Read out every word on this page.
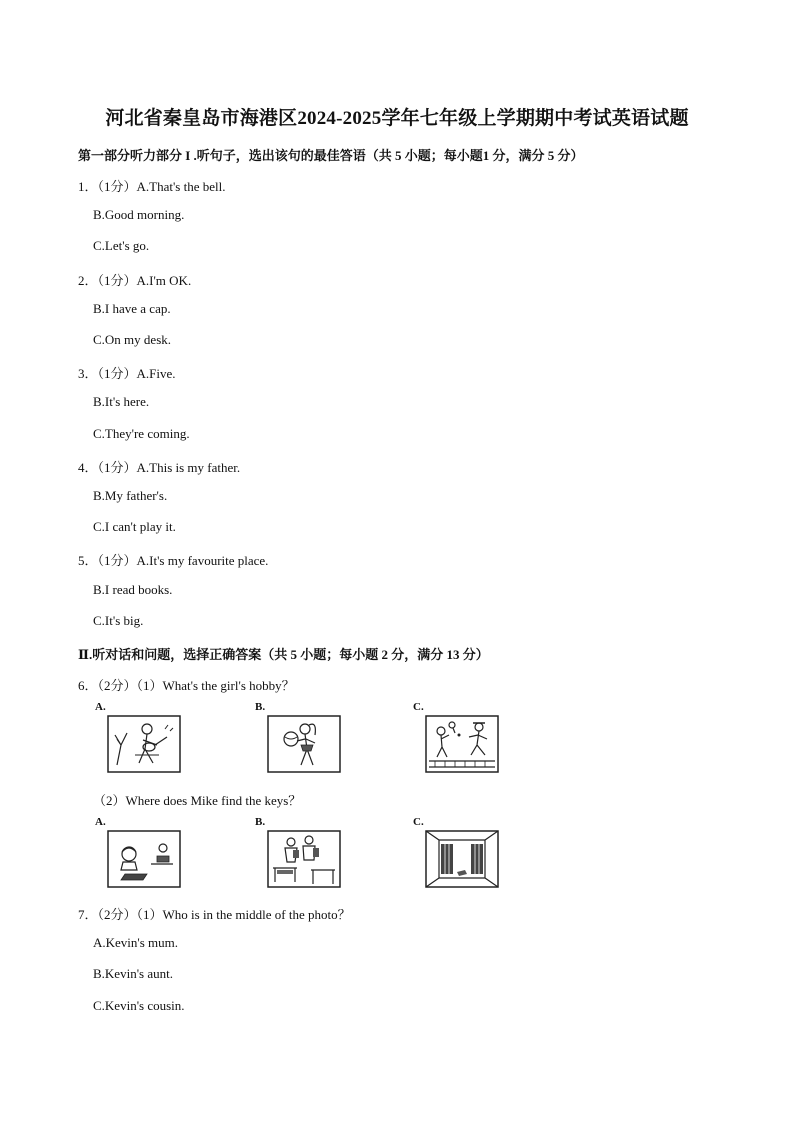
河北省秦皇岛市海港区2024-2025学年七年级上学期期中考试英语试题
第一部分听力部分 I .听句子，选出该句的最佳答语（共 5 小题；每小题1 分，满分 5 分）
1．（1分）A.That's the bell.
B.Good morning.
C.Let's go.
2．（1分）A.I'm OK.
B.I have a cap.
C.On my desk.
3．（1分）A.Five.
B.It's here.
C.They're coming.
4．（1分）A.This is my father.
B.My father's.
C.I can't play it.
5．（1分）A.It's my favourite place.
B.I read books.
C.It's big.
Ⅱ.听对话和问题，选择正确答案（共 5 小题；每小题 2 分，满分 13 分）
6．（2分）（1）What's the girl's hobby？
A.	B.	C.
（2）Where does Mike find the keys？
A.	B.	C.
7．（2分）（1）Who is in the middle of the photo？
A.Kevin's mum.
B.Kevin's aunt.
C.Kevin's cousin.
